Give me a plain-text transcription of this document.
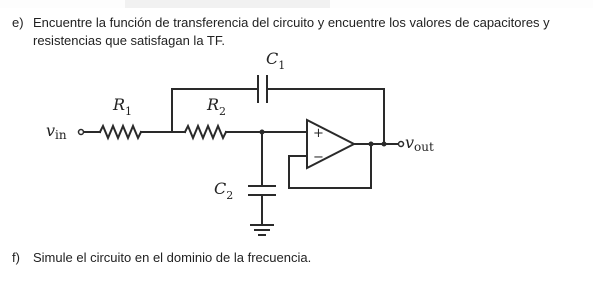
e) Encuentre la función de transferencia del circuito y encuentre los valores de capacitores y
resistencias que satisfagan la TF.
+
−
vin
$R_1$	$R_2$
$C_1$
$C_2$
vout
f) Simule el circuito en el dominio de la frecuencia.
